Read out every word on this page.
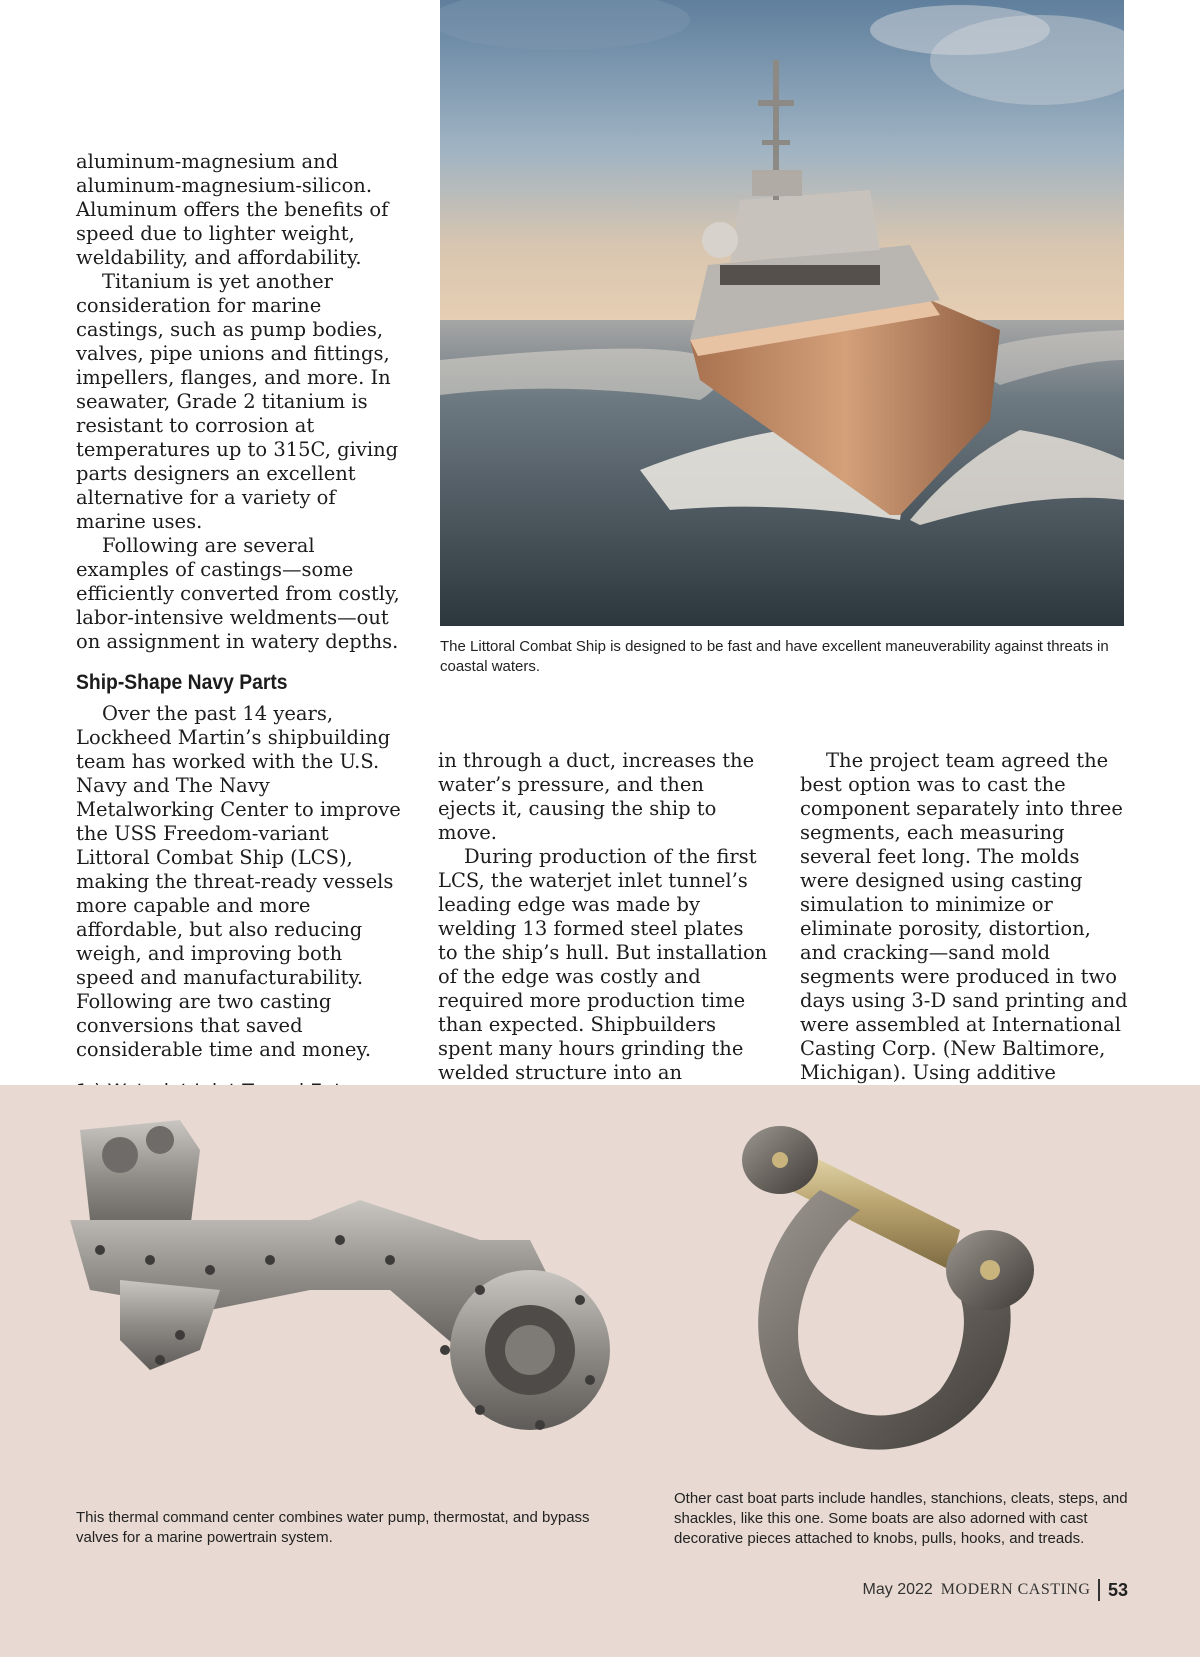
aluminum-magnesium and aluminum-magnesium-silicon. Aluminum offers the benefits of speed due to lighter weight, weldability, and affordability.

Titanium is yet another consideration for marine castings, such as pump bodies, valves, pipe unions and fittings, impellers, flanges, and more. In seawater, Grade 2 titanium is resistant to corrosion at temperatures up to 315C, giving parts designers an excellent alternative for a variety of marine uses.

Following are several examples of castings—some efficiently converted from costly, labor-intensive weldments—out on assignment in watery depths.

Ship-Shape Navy Parts

Over the past 14 years, Lockheed Martin’s shipbuilding team has worked with the U.S. Navy and The Navy Metalworking Center to improve the USS Freedom-variant Littoral Combat Ship (LCS), making the threat-ready vessels more capable and more affordable, but also reducing weigh, and improving both speed and manufacturability. Following are two casting conversions that saved considerable time and money.

The Littoral Combat Ship is designed to be fast and have excellent maneuverability against threats in coastal waters.

in through a duct, increases the water’s pressure, and then ejects it, causing the ship to move.

During production of the first LCS, the waterjet inlet tunnel’s leading edge was made by welding 13 formed steel plates to the ship’s hull. But installation of the edge was costly and required more production time than expected. Shipbuilders spent many hours grinding the welded structure into an

The project team agreed the best option was to cast the component separately into three segments, each measuring several feet long. The molds were designed using casting simulation to minimize or eliminate porosity, distortion, and cracking—sand mold segments were produced in two days using 3-D sand printing and were assembled at International Casting Corp. (New Baltimore, Michigan). Using additive

This thermal command center combines water pump, thermostat, and bypass valves for a marine powertrain system.
Other cast boat parts include handles, stanchions, cleats, steps, and shackles, like this one. Some boats are also adorned with cast decorative pieces attached to knobs, pulls, hooks, and treads.
May 2022 MODERN CASTING 53
